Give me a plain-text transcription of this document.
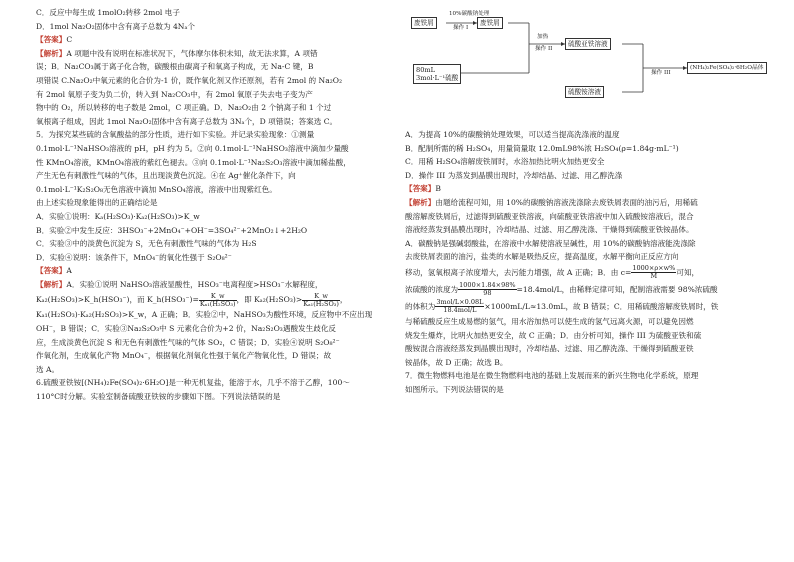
C．反应中每生成 1molO₂转移 2mol 电子
D．1mol Na₂O₂固体中含有离子总数为 4Nₐ个
【答案】C
【解析】A 项题中没有说明在标准状况下，气体摩尔体积未知，故无法求算，A 项错
误；B．Na₂CO₃属于离子化合物，碳酸根由碳离子和氧离子构成，无 Na-C 键，B
项错误 C.Na₂O₂中氧元素的化合价为-1 价，既作氧化剂又作还原剂，若有 2mol 的 Na₂O₂
有 2mol 氧原子变为负二价，转入到 Na₂CO₃中，有 2mol 氧原子失去电子变为产
物中的 O₂，所以转移的电子数是 2mol，C 项正确。D．Na₂O₂由 2 个钠离子和 1 个过
氧根离子组成，因此 1mol Na₂O₂固体中含有离子总数为 3Nₐ个，D 项错误；答案选 C。
5．为探究某些硫的含氧酸盐的部分性质，进行如下实验。并记录实验现象：①测量
0.1mol·L⁻¹NaHSO₃溶液的 pH，pH 约为 5。②向 0.1mol·L⁻¹NaHSO₃溶液中滴加少量酸
性 KMnO₄溶液，KMnO₄溶液的紫红色褪去。③向 0.1mol·L⁻¹Na₂S₂O₃溶液中滴加稀盐酸，
产生无色有刺激性气味的气体，且出现淡黄色沉淀。④在 Ag⁺催化条件下，向
0.1mol·L⁻¹K₂S₂O₈无色溶液中滴加 MnSO₄溶液，溶液中出现紫红色。
由上述实验现象能得出的正确结论是
A．实验①说明：Kₐ(H₂SO₃)·Kₐ₂(H₂SO₃)>K_w
B．实验②中发生反应：3HSO₃⁻+2MnO₄⁻+OH⁻=3SO₄²⁻+2MnO₂↓+2H₂O
C．实验③中的淡黄色沉淀为 S，无色有刺激性气味的气体为 H₂S
D．实验④说明：该条件下，MnO₄⁻的氧化性强于 S₂O₈²⁻
【答案】A
【解析】A．实验①说明 NaHSO₃溶液显酸性，HSO₃⁻电离程度>HSO₃⁻水解程度，
Kₐ₂(H₂SO₃)>K_h(HSO₃⁻)，而 K_h(HSO₃⁻)= $\frac{K\_w}{\text{Kₐ₁(H₂SO₃)}}$ ，即 $K_{a2}(H_2SO_3)> \frac{K\_w}{\text{Kₐ₁(H₂SO₃)}}$ ，
Kₐ₁(H₂SO₃)·Kₐ₂(H₂SO₃)>K_w，A 正确；B．实验②中，NaHSO₃为酸性环境，反应物中不应出现
OH⁻，B 错误；C．实验③Na₂S₂O₃中 S 元素化合价为+2 价，Na₂S₂O₃遇酸发生歧化反
应，生成淡黄色沉淀 S 和无色有刺激性气味的气体 SO₂，C 错误；D．实验④说明 S₂O₈²⁻
作氧化剂，生成氧化产物 MnO₄⁻，根据氧化剂氧化性强于氧化产物氧化性，D 错误；故
选 A。
6.硫酸亚铁铵[(NH₄)₂Fe(SO₄)₂·6H₂O]是一种无机复盐，能溶于水，几乎不溶于乙醇，100～
110°C时分解。实验室制备硫酸亚铁铵的步骤如下图。下列说法错误的是
废铁屑
10%碳酸钠处理
操作 I
废铁屑
80mL
3mol·L⁻¹硫酸
加热
操作 II
硫酸亚铁溶液
硫酸铵溶液
操作 III
(NH₄)₂Fe(SO₄)₂·6H₂O晶体
A．为提高 10%的碳酸钠处理效果，可以适当提高洗涤液的温度
B．配制所需的稀 H₂SO₄，用量筒量取 12.0mL98%浓 H₂SO₄(ρ=1.84g·mL⁻¹)
C．用稀 H₂SO₄溶解废铁屑时，水浴加热比明火加热更安全
D．操作 III 为蒸发到晶膜出现时，冷却结晶、过滤、用乙醇洗涤
【答案】B
【解析】由题给流程可知，用 10%的碳酸钠溶液洗涤除去废铁屑表面的油污后，用稀硫
酸溶解废铁屑后，过滤得到硫酸亚铁溶液，向硫酸亚铁溶液中加入硫酸铵溶液后，混合
溶液经蒸发到晶膜出现时，冷却结晶、过滤、用乙醇洗涤、干燥得到硫酸亚铁铵晶体。
A．碳酸钠是强碱弱酸盐，在溶液中水解使溶液呈碱性，用 10%的碳酸钠溶液能洗涤除
去废铁屑表面的油污，盐类的水解是吸热反应，提高温度，水解平衡向正反应方向
移动，氢氧根离子浓度增大，去污能力增强，故 A 正确；B．由 $c= \frac{1000\times\rho\times w\%}{M}$ 可知，
浓硫酸的浓度为 $\frac{1000\times 1.84\times 98\%}{98} =18.4mol/L$，由稀释定律可知，配制溶液需要 98%浓硫酸
的体积为 $\frac{\text{3mol/L×0.08L}}{\text{18.4mol/L}} \times 1000mL/L\approx 13.0mL$，故 B 错误；C．用稀硫酸溶解废铁屑时，铁
与稀硫酸反应生成易燃的氢气，用水浴加热可以使生成的氢气远离火源，可以避免因燃
烧发生爆炸，比明火加热更安全，故 C 正确；D．由分析可知，操作 III 为硫酸亚铁和硫
酸铵混合溶液经蒸发到晶膜出现时，冷却结晶、过滤、用乙醇洗涤、干燥得到硫酸亚铁
铵晶体，故 D 正确；故选 B。
7．微生物燃料电池是在微生物燃料电池的基础上发展而来的新兴生物电化学系统，原理
如图所示。下列说法错误的是
